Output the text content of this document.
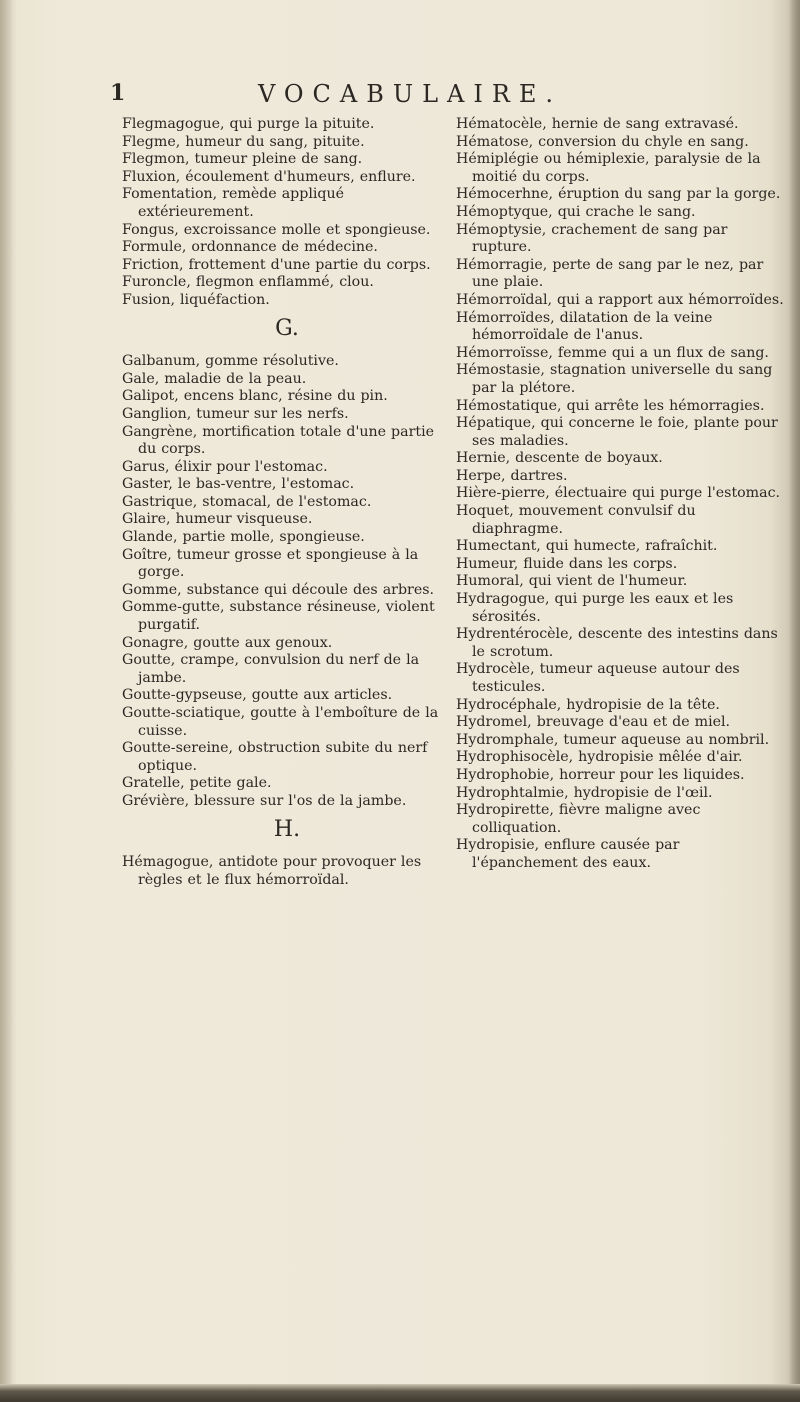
1	VOCABULAIRE.

Flegmagogue, qui purge la pituite.

Flegme, humeur du sang, pituite.

Flegmon, tumeur pleine de sang.

Fluxion, écoulement d'humeurs, enflure.

Fomentation, remède appliqué extérieurement.

Fongus, excroissance molle et spongieuse.

Formule, ordonnance de médecine.

Friction, frottement d'une partie du corps.

Furoncle, flegmon enflammé, clou.

Fusion, liquéfaction.

G.

Galbanum, gomme résolutive.

Gale, maladie de la peau.

Galipot, encens blanc, résine du pin.

Ganglion, tumeur sur les nerfs.

Gangrène, mortification totale d'une partie du corps.

Garus, élixir pour l'estomac.

Gaster, le bas-ventre, l'estomac.

Gastrique, stomacal, de l'estomac.

Glaire, humeur visqueuse.

Glande, partie molle, spongieuse.

Goître, tumeur grosse et spongieuse à la gorge.

Gomme, substance qui découle des arbres.

Gomme-gutte, substance résineuse, violent purgatif.

Gonagre, goutte aux genoux.

Goutte, crampe, convulsion du nerf de la jambe.

Goutte-gypseuse, goutte aux articles.

Goutte-sciatique, goutte à l'emboîture de la cuisse.

Goutte-sereine, obstruction subite du nerf optique.

Gratelle, petite gale.

Grévière, blessure sur l'os de la jambe.

H.

Hémagogue, antidote pour provoquer les règles et le flux hémorroïdal.

Hématocèle, hernie de sang extravasé.

Hématose, conversion du chyle en sang.

Hémiplégie ou hémiplexie, paralysie de la moitié du corps.

Hémocerhne, éruption du sang par la gorge.

Hémoptyque, qui crache le sang.

Hémoptysie, crachement de sang par rupture.

Hémorragie, perte de sang par le nez, par une plaie.

Hémorroïdal, qui a rapport aux hémorroïdes.

Hémorroïdes, dilatation de la veine hémorroïdale de l'anus.

Hémorroïsse, femme qui a un flux de sang.

Hémostasie, stagnation universelle du sang par la plétore.

Hémostatique, qui arrête les hémorragies.

Hépatique, qui concerne le foie, plante pour ses maladies.

Hernie, descente de boyaux.

Herpe, dartres.

Hière-pierre, électuaire qui purge l'estomac.

Hoquet, mouvement convulsif du diaphragme.

Humectant, qui humecte, rafraîchit.

Humeur, fluide dans les corps.

Humoral, qui vient de l'humeur.

Hydragogue, qui purge les eaux et les sérosités.

Hydrentérocèle, descente des intestins dans le scrotum.

Hydrocèle, tumeur aqueuse autour des testicules.

Hydrocéphale, hydropisie de la tête.

Hydromel, breuvage d'eau et de miel.

Hydromphale, tumeur aqueuse au nombril.

Hydrophisocèle, hydropisie mêlée d'air.

Hydrophobie, horreur pour les liquides.

Hydrophtalmie, hydropisie de l'œil.

Hydropirette, fièvre maligne avec colliquation.

Hydropisie, enflure causée par l'épanchement des eaux.
